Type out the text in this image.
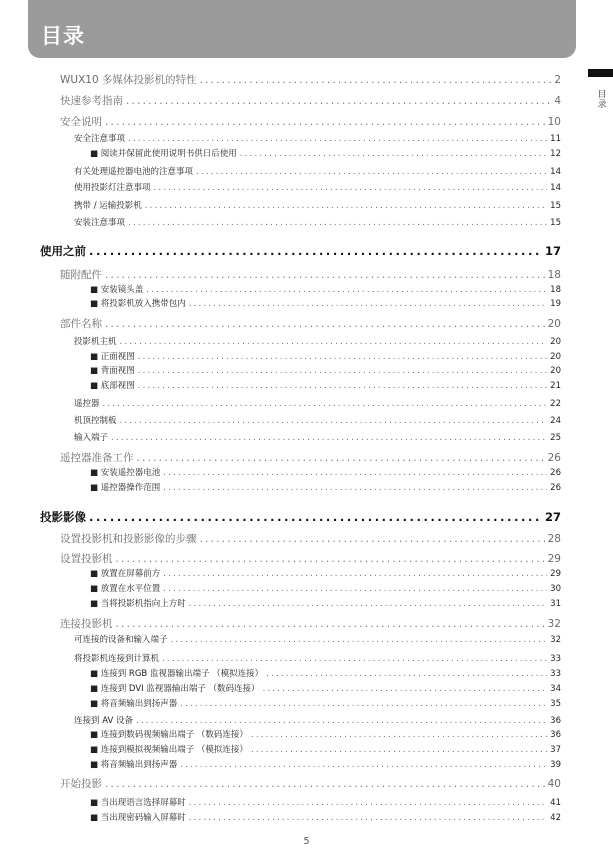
目录
目录
WUX10 多媒体投影机的特性 .....	2
快速参考指南 .....	4
安全说明 .....	10
安全注意事项 .....	11
■ 阅读并保留此使用说明书供日后使用 .....	12
有关处理遥控器电池的注意事项 .....	14
使用投影灯注意事项 .....	14
携带 / 运输投影机 .....	15
安装注意事项 .....	15
使用之前 .....	17
随附配件 .....	18
■ 安装镜头盖 .....	18
■ 将投影机放入携带包内 .....	19
部件名称 .....	20
投影机主机 .....	20
■ 正面视图 .....	20
■ 背面视图 .....	20
■ 底部视图 .....	21
遥控器 .....	22
机顶控制板 .....	24
输入端子 .....	25
遥控器准备工作 .....	26
■ 安装遥控器电池 .....	26
■ 遥控器操作范围 .....	26
投影影像 .....	27
设置投影机和投影影像的步骤 .....	28
设置投影机 .....	29
■ 放置在屏幕前方 .....	29
■ 放置在水平位置 .....	30
■ 当将投影机指向上方时 .....	31
连接投影机 .....	32
可连接的设备和输入端子 .....	32
将投影机连接到计算机 .....	33
■ 连接到 RGB 监视器输出端子 （模拟连接） .....	33
■ 连接到 DVI 监视器输出端子 （数码连接） .....	34
■ 将音频输出到扬声器 .....	35
连接到 AV 设备 .....	36
■ 连接到数码视频输出端子 （数码连接） .....	36
■ 连接到模拟视频输出端子 （模拟连接） .....	37
■ 将音频输出到扬声器 .....	39
开始投影 .....	40
■ 当出现语言选择屏幕时 .....	41
■ 当出现密码输入屏幕时 .....	42
5
